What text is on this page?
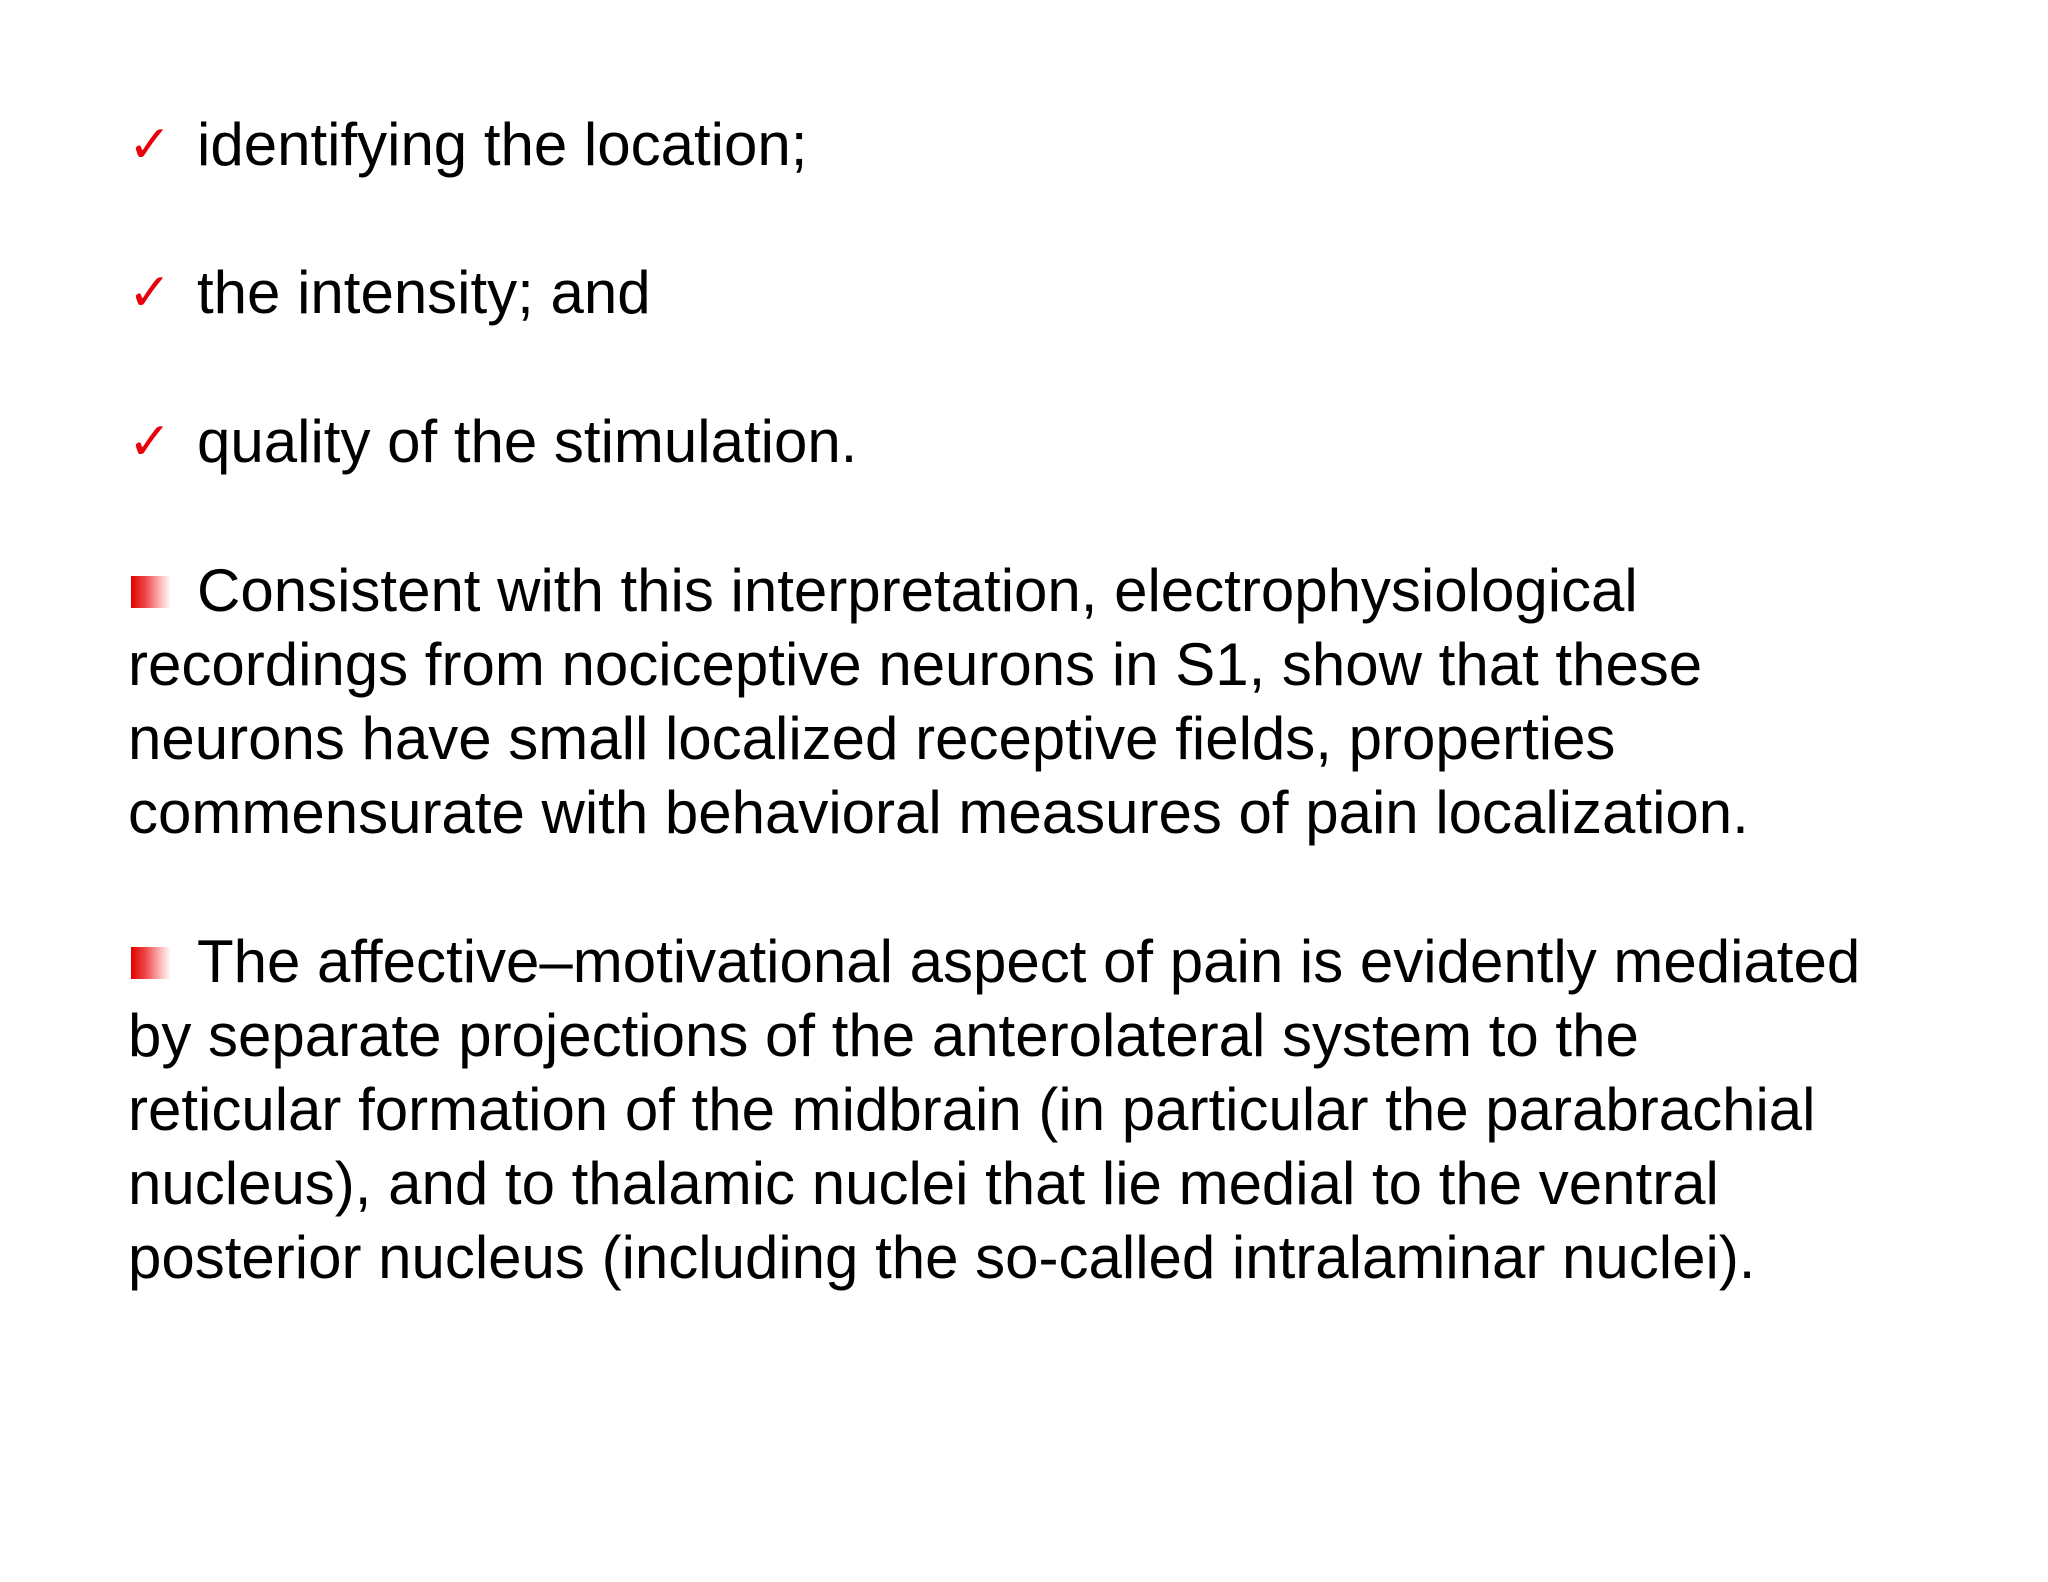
✓ identifying the location;
✓ the intensity; and
✓ quality of the stimulation.
Consistent with this interpretation, electrophysiological
recordings from nociceptive neurons in S1, show that these
neurons have small localized receptive fields, properties
commensurate with behavioral measures of pain localization.
The affective–motivational aspect of pain is evidently mediated
by separate projections of the anterolateral system to the
reticular formation of the midbrain (in particular the parabrachial
nucleus), and to thalamic nuclei that lie medial to the ventral
posterior nucleus (including the so-called intralaminar nuclei).
